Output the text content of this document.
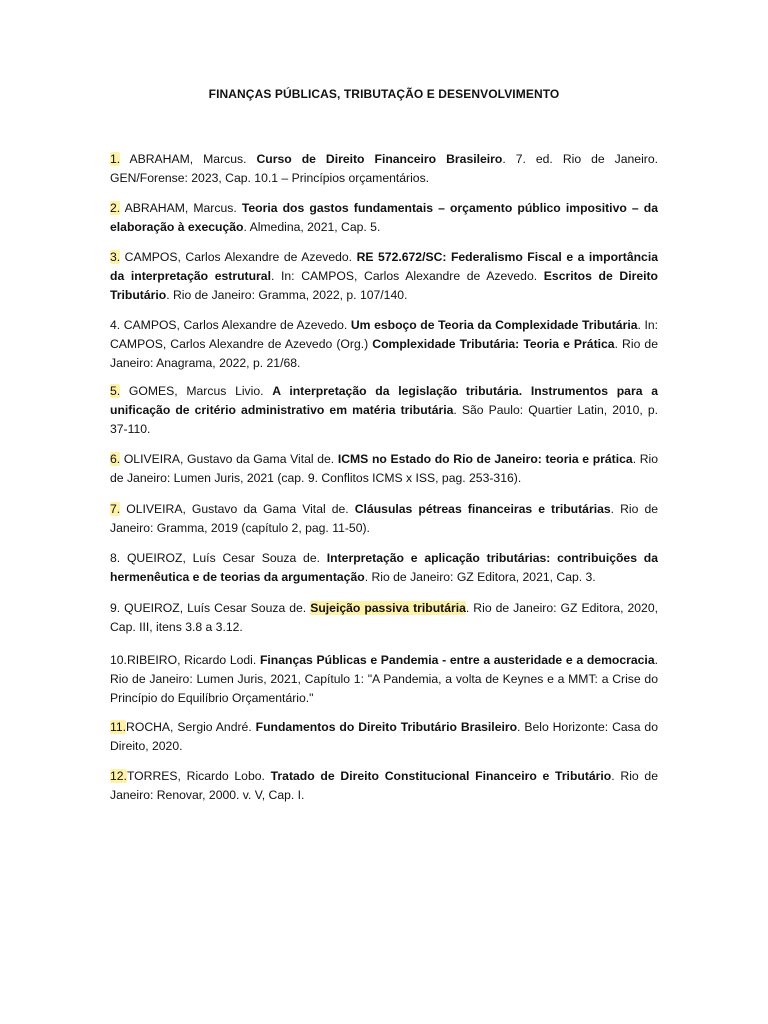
FINANÇAS PÚBLICAS, TRIBUTAÇÃO E DESENVOLVIMENTO

1. ABRAHAM, Marcus. Curso de Direito Financeiro Brasileiro. 7. ed. Rio de Janeiro. GEN/Forense: 2023, Cap. 10.1 – Princípios orçamentários.

2. ABRAHAM, Marcus. Teoria dos gastos fundamentais – orçamento público impositivo – da elaboração à execução. Almedina, 2021, Cap. 5.

3. CAMPOS, Carlos Alexandre de Azevedo. RE 572.672/SC: Federalismo Fiscal e a importância da interpretação estrutural. In: CAMPOS, Carlos Alexandre de Azevedo. Escritos de Direito Tributário. Rio de Janeiro: Gramma, 2022, p. 107/140.

4. CAMPOS, Carlos Alexandre de Azevedo. Um esboço de Teoria da Complexidade Tributária. In: CAMPOS, Carlos Alexandre de Azevedo (Org.) Complexidade Tributária: Teoria e Prática. Rio de Janeiro: Anagrama, 2022, p. 21/68.

5. GOMES, Marcus Livio. A interpretação da legislação tributária. Instrumentos para a unificação de critério administrativo em matéria tributária. São Paulo: Quartier Latin, 2010, p. 37-110.

6. OLIVEIRA, Gustavo da Gama Vital de. ICMS no Estado do Rio de Janeiro: teoria e prática. Rio de Janeiro: Lumen Juris, 2021 (cap. 9. Conflitos ICMS x ISS, pag. 253-316).

7. OLIVEIRA, Gustavo da Gama Vital de. Cláusulas pétreas financeiras e tributárias. Rio de Janeiro: Gramma, 2019 (capítulo 2, pag. 11-50).

8. QUEIROZ, Luís Cesar Souza de. Interpretação e aplicação tributárias: contribuições da hermenêutica e de teorias da argumentação. Rio de Janeiro: GZ Editora, 2021, Cap. 3.

9. QUEIROZ, Luís Cesar Souza de. Sujeição passiva tributária. Rio de Janeiro: GZ Editora, 2020, Cap. III, itens 3.8 a 3.12.

10.RIBEIRO, Ricardo Lodi. Finanças Públicas e Pandemia - entre a austeridade e a democracia. Rio de Janeiro: Lumen Juris, 2021, Capítulo 1: "A Pandemia, a volta de Keynes e a MMT: a Crise do Princípio do Equilíbrio Orçamentário."

11.ROCHA, Sergio André. Fundamentos do Direito Tributário Brasileiro. Belo Horizonte: Casa do Direito, 2020.

12.TORRES, Ricardo Lobo. Tratado de Direito Constitucional Financeiro e Tributário. Rio de Janeiro: Renovar, 2000. v. V, Cap. I.
